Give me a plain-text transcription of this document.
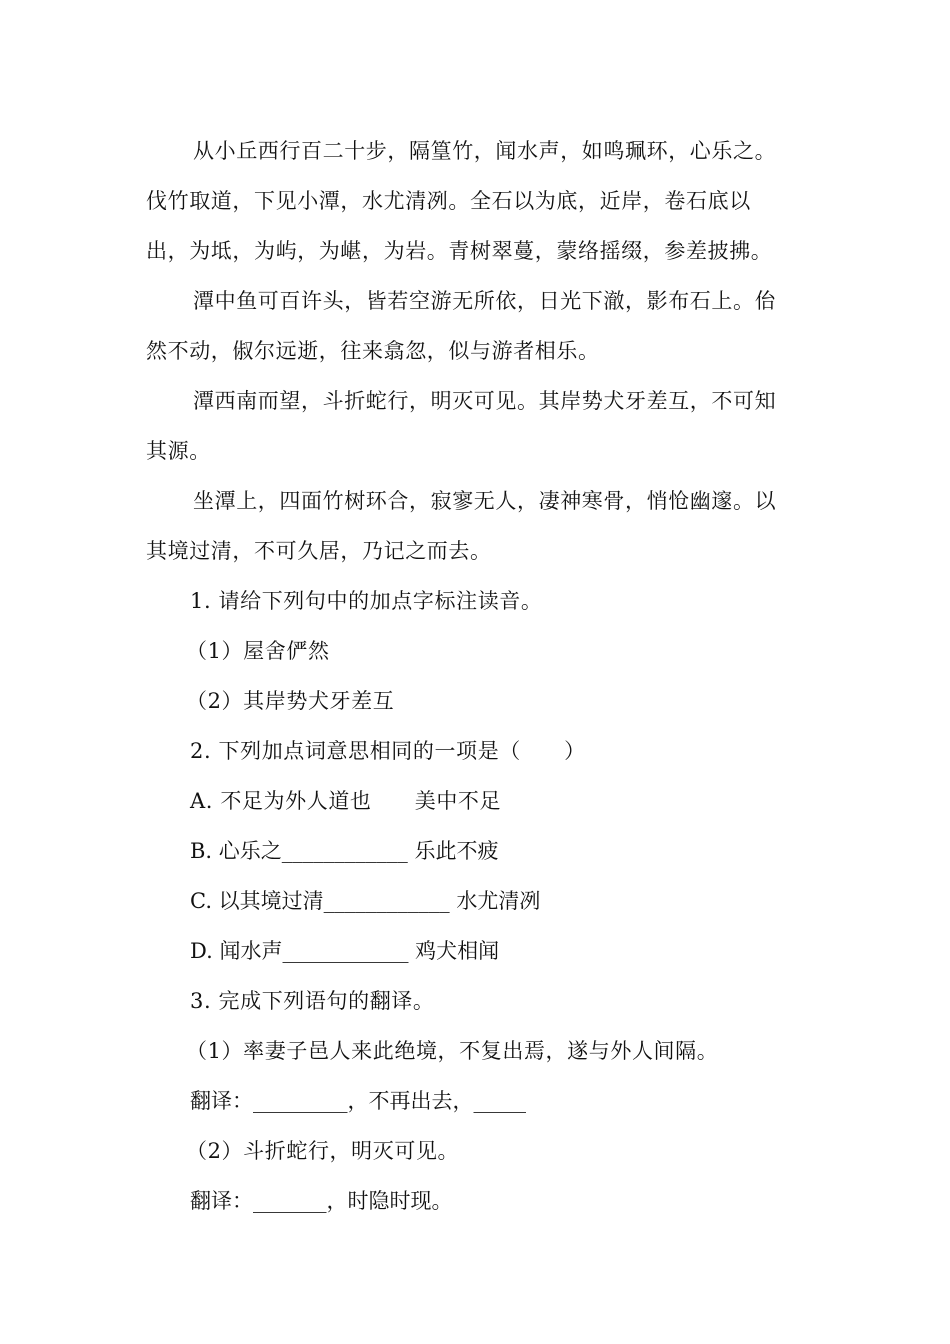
从小丘西行百二十步，隔篁竹，闻水声，如鸣珮环，心乐之。
伐竹取道，下见小潭，水尤清冽。全石以为底，近岸，卷石底以
出，为坻，为屿，为嵁，为岩。青树翠蔓，蒙络摇缀，参差披拂。
潭中鱼可百许头，皆若空游无所依，日光下澈，影布石上。佁
然不动，俶尔远逝，往来翕忽，似与游者相乐。
潭西南而望，斗折蛇行，明灭可见。其岸势犬牙差互，不可知
其源。
坐潭上，四面竹树环合，寂寥无人，凄神寒骨，悄怆幽邃。以
其境过清，不可久居，乃记之而去。
1. 请给下列句中的加点字标注读音。
（1）屋舍俨然
（2）其岸势犬牙差互
2. 下列加点词意思相同的一项是（　　）
A. 不足为外人道也　　美中不足
B. 心乐之____________ 乐此不疲
C. 以其境过清____________ 水尤清冽
D. 闻水声____________ 鸡犬相闻
3. 完成下列语句的翻译。
（1）率妻子邑人来此绝境，不复出焉，遂与外人间隔。
翻译：_________，不再出去，_____
（2）斗折蛇行，明灭可见。
翻译：_______，时隐时现。
